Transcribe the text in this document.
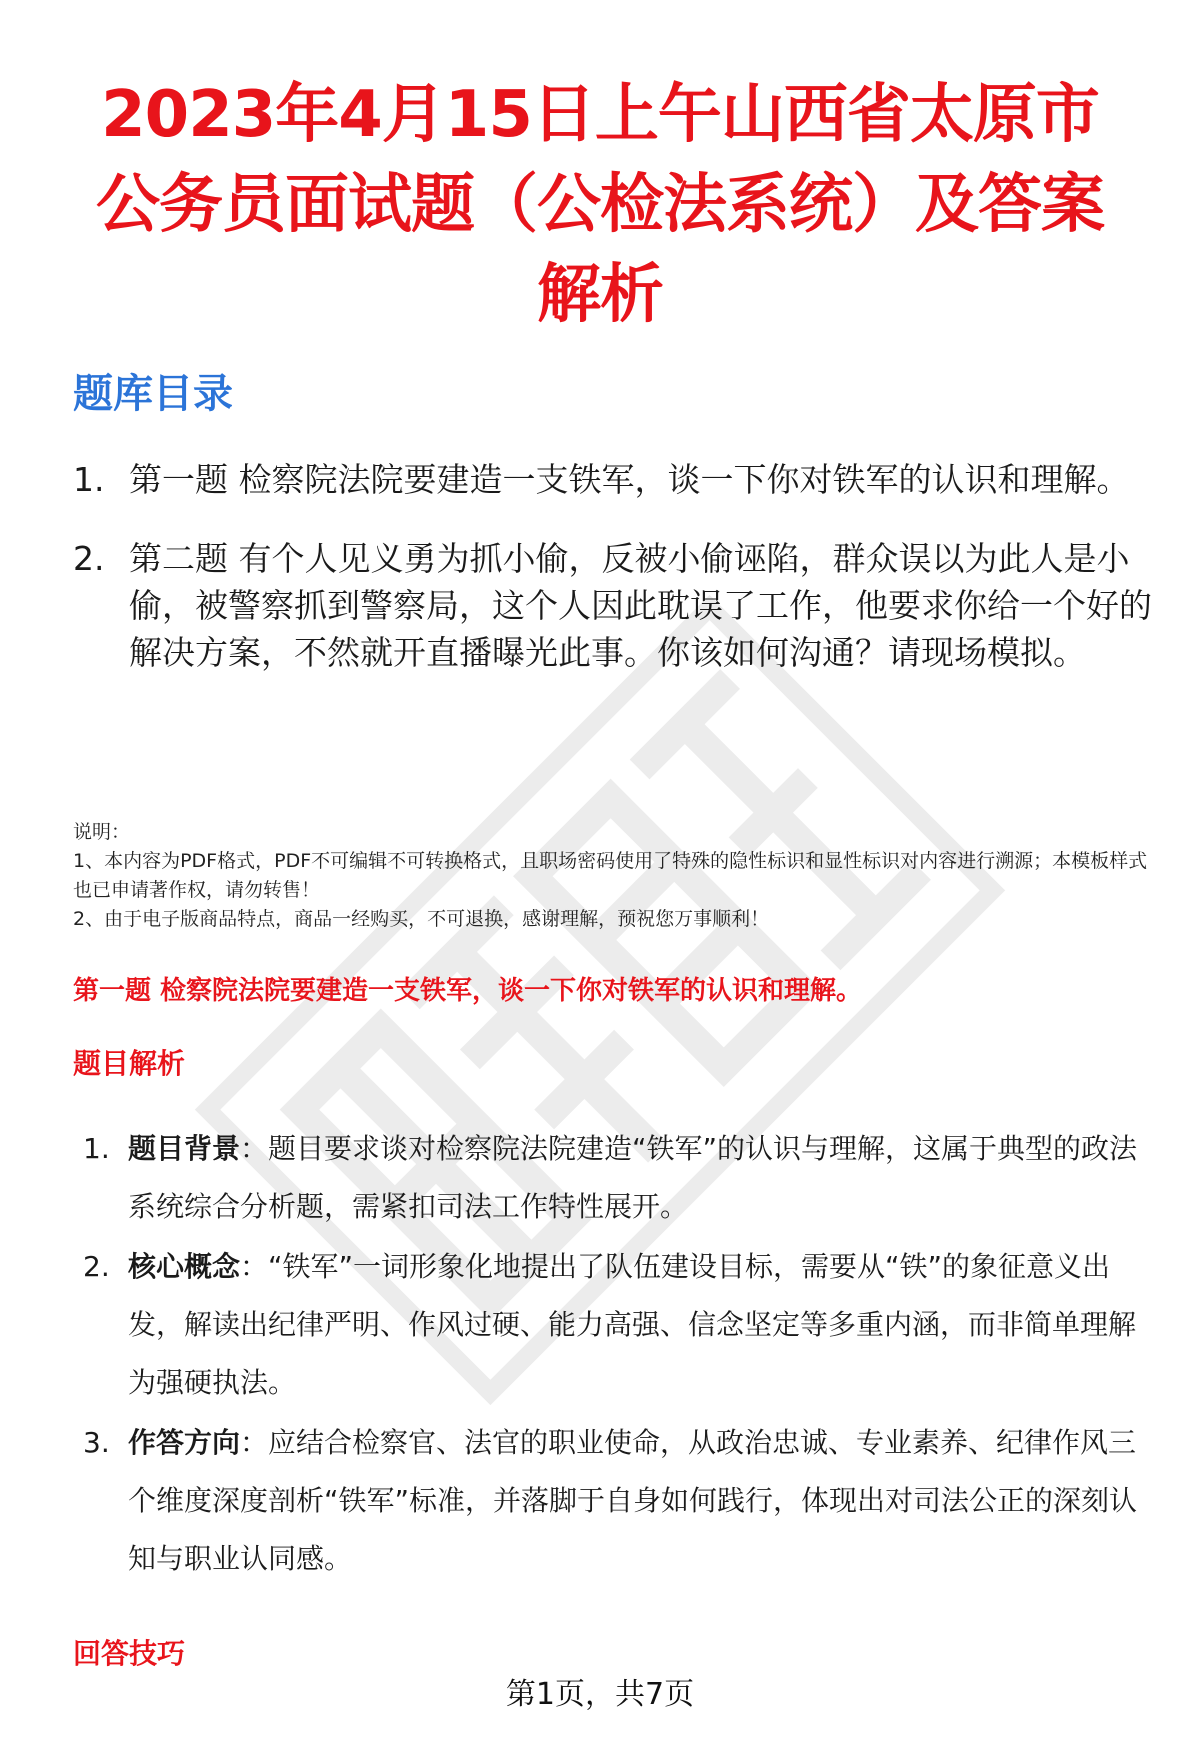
2023年4月15日上午山西省太原市公务员面试题（公检法系统）及答案解析
题库目录
1. 第一题 检察院法院要建造一支铁军，谈一下你对铁军的认识和理解。
2. 第二题 有个人见义勇为抓小偷，反被小偷诬陷，群众误以为此人是小偷，被警察抓到警察局，这个人因此耽误了工作，他要求你给一个好的解决方案，不然就开直播曝光此事。你该如何沟通？请现场模拟。
说明：
1、本内容为PDF格式，PDF不可编辑不可转换格式，且职场密码使用了特殊的隐性标识和显性标识对内容进行溯源；本模板样式也已申请著作权，请勿转售！
2、由于电子版商品特点，商品一经购买，不可退换，感谢理解，预祝您万事顺利！
第一题 检察院法院要建造一支铁军，谈一下你对铁军的认识和理解。
题目解析
1. 题目背景：题目要求谈对检察院法院建造“铁军”的认识与理解，这属于典型的政法系统综合分析题，需紧扣司法工作特性展开。
2. 核心概念：“铁军”一词形象化地提出了队伍建设目标，需要从“铁”的象征意义出发，解读出纪律严明、作风过硬、能力高强、信念坚定等多重内涵，而非简单理解为强硬执法。
3. 作答方向：应结合检察官、法官的职业使命，从政治忠诚、专业素养、纪律作风三个维度深度剖析“铁军”标准，并落脚于自身如何践行，体现出对司法公正的深刻认知与职业认同感。
回答技巧
第1页，共7页
